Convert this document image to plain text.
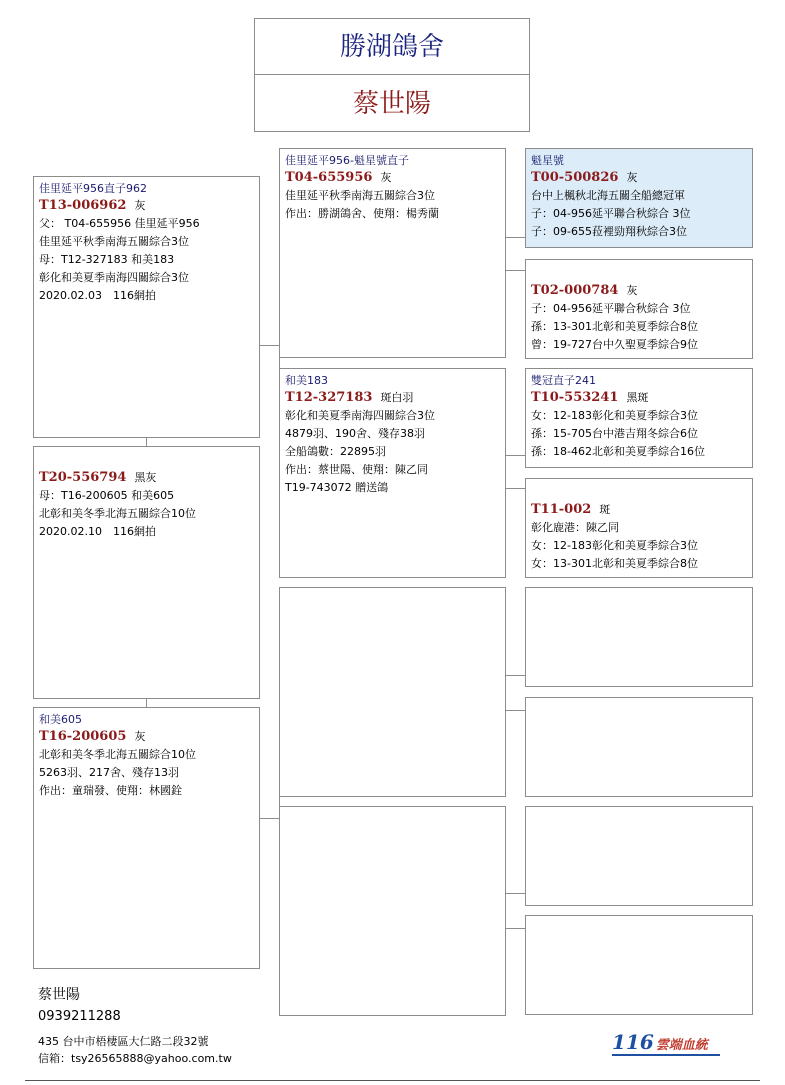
勝湖鴿舍
蔡世陽
佳里延平956直子962
T13-006962 灰
父： T04-655956 佳里延平956
佳里延平秋季南海五關綜合3位
母：T12-327183 和美183
彰化和美夏季南海四關綜合3位
2020.02.03　116網拍
T20-556794 黑灰
母：T16-200605 和美605
北彰和美冬季北海五關綜合10位
2020.02.10　116網拍
和美605
T16-200605 灰
北彰和美冬季北海五關綜合10位
5263羽、217舍、殘存13羽
作出：童瑞發、使翔：林國銓
佳里延平956-魁星號直子
T04-655956 灰
佳里延平秋季南海五關綜合3位
作出：勝湖鴿舍、使翔：楊秀蘭
和美183
T12-327183 斑白羽
彰化和美夏季南海四關綜合3位
4879羽、190舍、殘存38羽
全船鴿數：22895羽
作出：蔡世陽、使翔：陳乙同
T19-743072 贈送鴿
魁星號
T00-500826 灰
台中上楓秋北海五關全船總冠軍
子：04-956延平聯合秋綜合 3位
子：09-655菈裡勁翔秋綜合3位
T02-000784 灰
子：04-956延平聯合秋綜合 3位
孫：13-301北彰和美夏季綜合8位
曾：19-727台中久聖夏季綜合9位
雙冠直子241
T10-553241 黑斑
女：12-183彰化和美夏季綜合3位
孫：15-705台中港吉翔冬綜合6位
孫：18-462北彰和美夏季綜合16位
T11-002 斑
彰化鹿港：陳乙同
女：12-183彰化和美夏季綜合3位
女：13-301北彰和美夏季綜合8位
蔡世陽
0939211288
435 台中市梧棲區大仁路二段32號
信箱：tsy26565888@yahoo.com.tw
116 雲端血統
